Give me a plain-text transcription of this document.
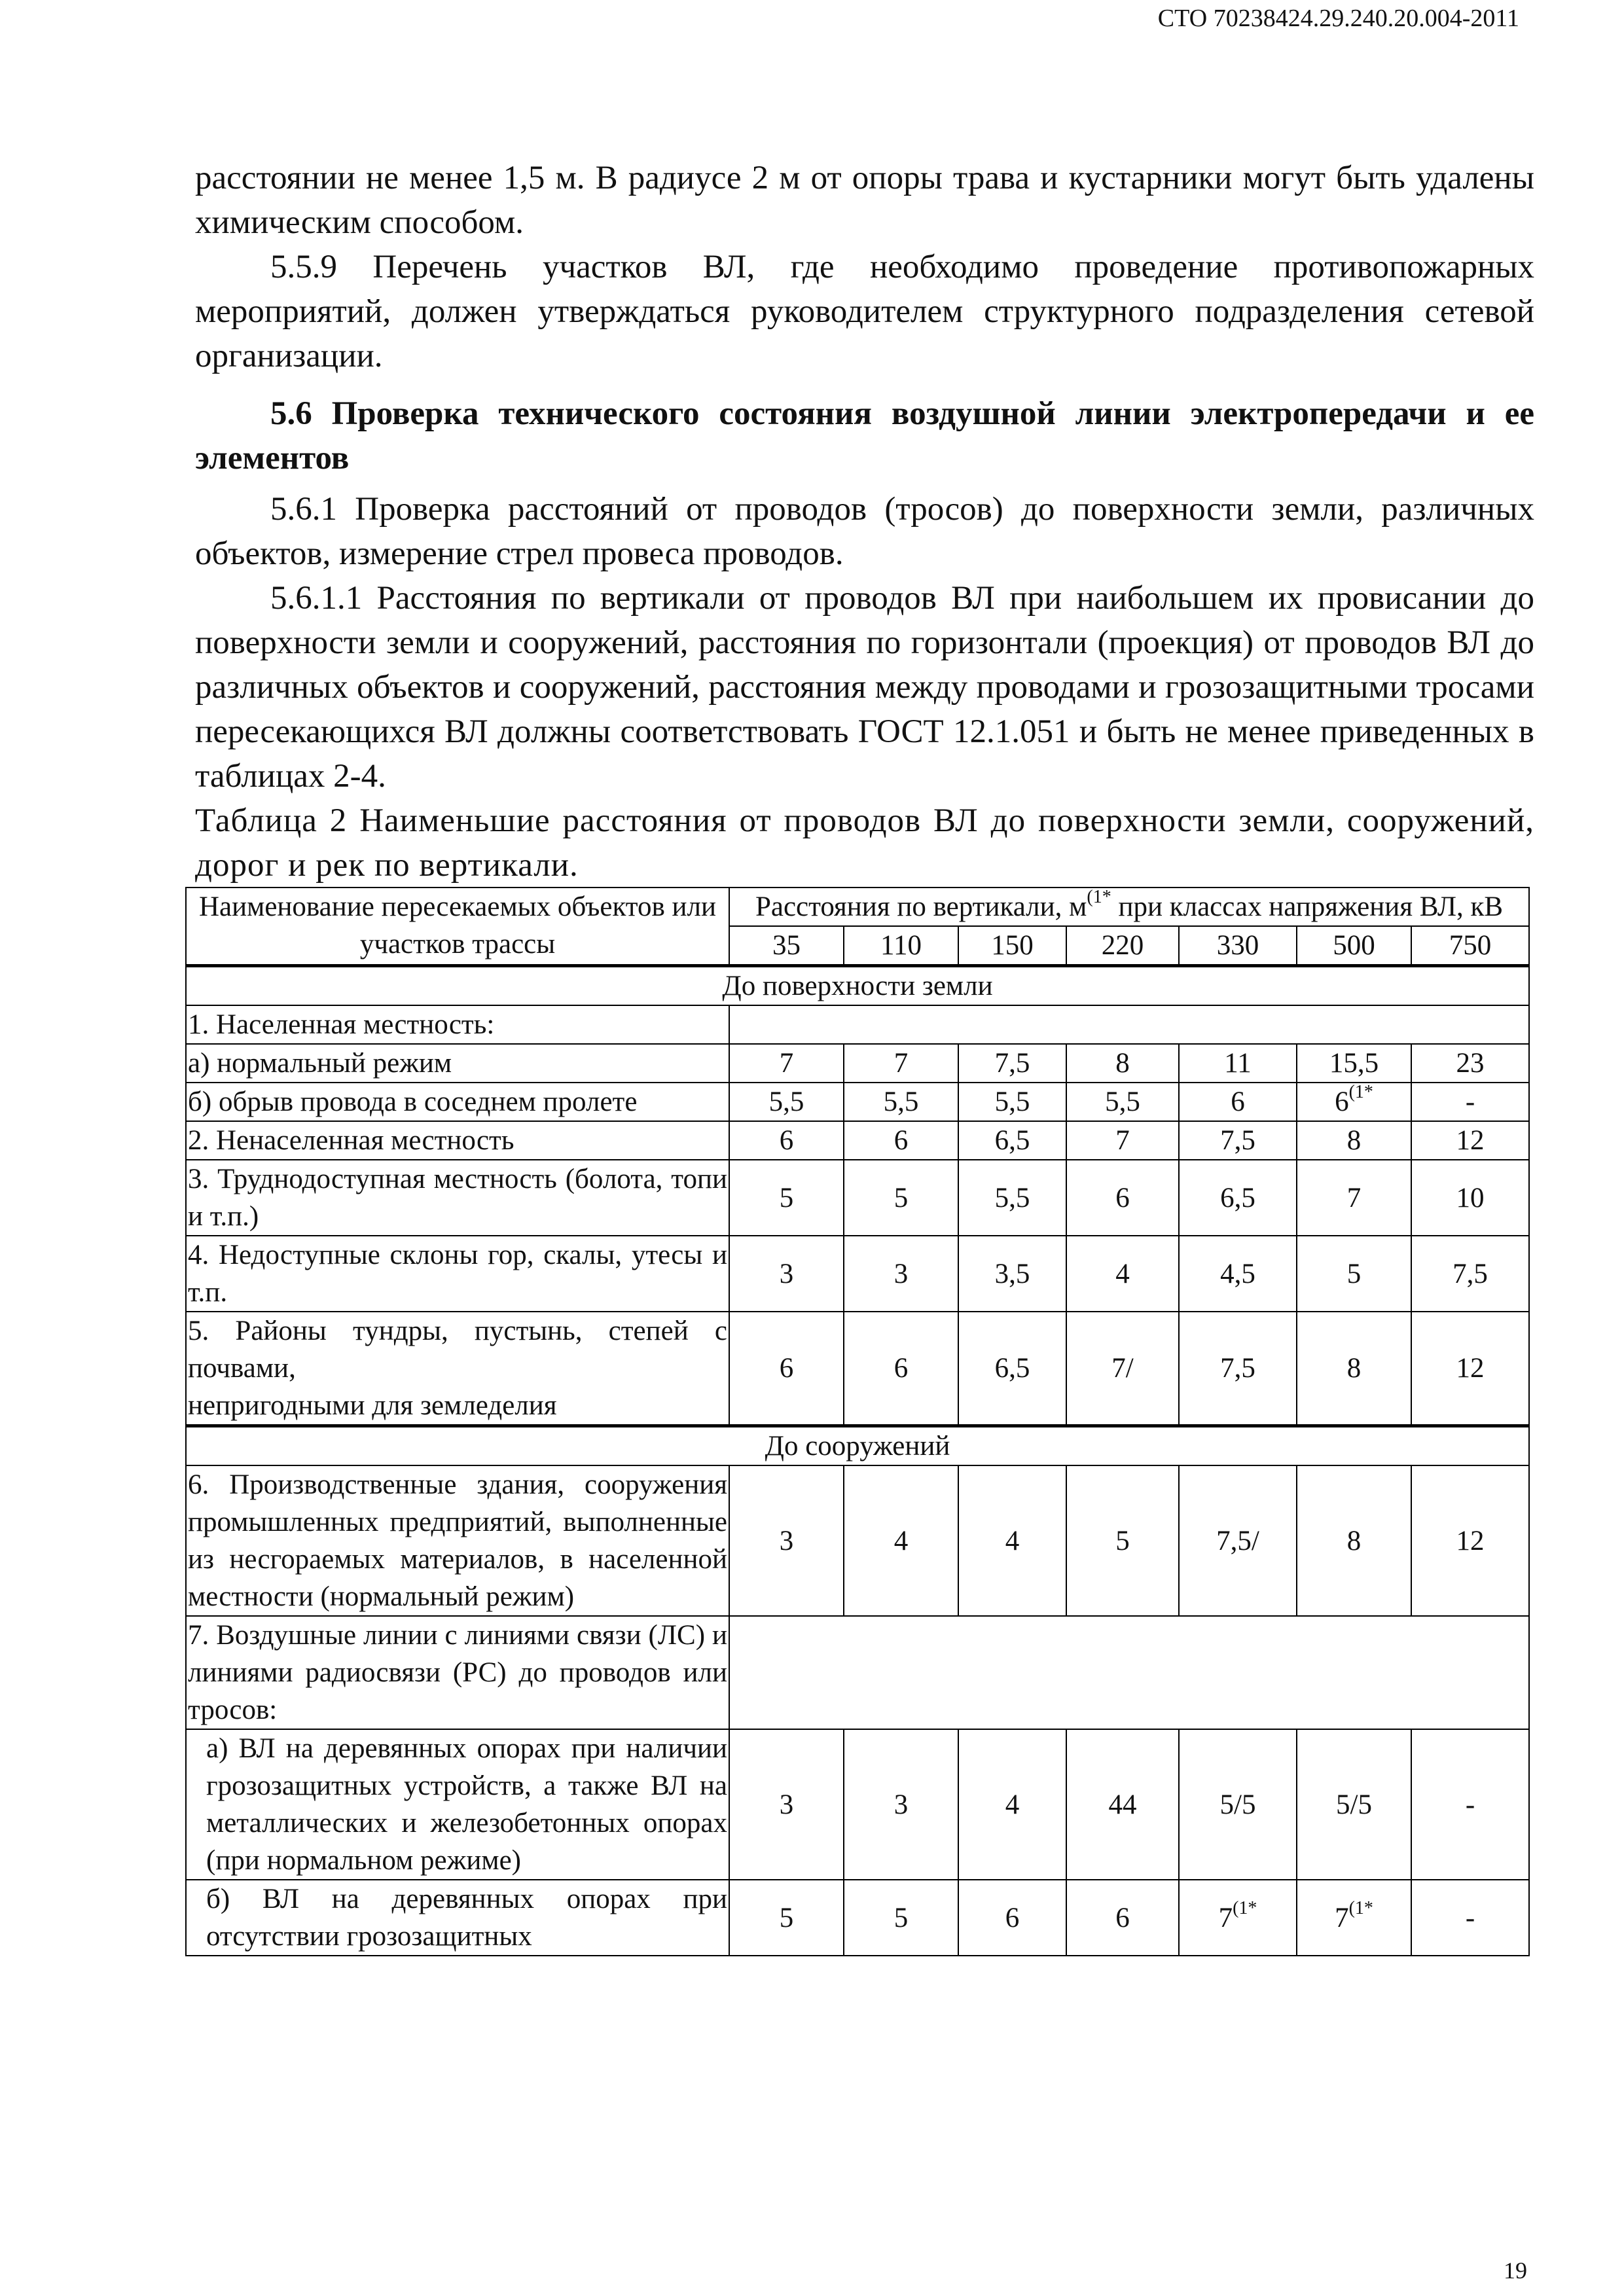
СТО 70238424.29.240.20.004-2011

расстоянии не менее 1,5 м. В радиусе 2 м от опоры трава и кустарники могут быть удалены химическим способом.

5.5.9 Перечень участков ВЛ, где необходимо проведение противопожарных мероприятий, должен утверждаться руководителем структурного подразделения сетевой организации.

5.6 Проверка технического состояния воздушной линии электропередачи и ее элементов

5.6.1 Проверка расстояний от проводов (тросов) до поверхности земли, различных объектов, измерение стрел провеса проводов.

5.6.1.1 Расстояния по вертикали от проводов ВЛ при наибольшем их провисании до поверхности земли и сооружений, расстояния по горизонтали (проекция) от проводов ВЛ до различных объектов и сооружений, расстояния между проводами и грозозащитными тросами пересекающихся ВЛ должны соответствовать ГОСТ 12.1.051 и быть не менее приведенных в таблицах 2-4.

Таблица 2 Наименьшие расстояния от проводов ВЛ до поверхности земли, сооружений, дорог и рек по вертикали.

Наименование пересекаемых объектов или участков трассы	Расстояния по вертикали, $м^{(1*}$ при классах напряжения ВЛ, кВ						
	35	110	150	220	330	500	750
До поверхности земли							
1. Населенная местность:							
а) нормальный режим	7	7	7,5	8	11	15,5	23
б) обрыв провода в соседнем пролете	5,5	5,5	5,5	5,5	6	$6^{(1*}$	-
2. Ненаселенная местность	6	6	6,5	7	7,5	8	12
3. Труднодоступная местность (болота, топи и т.п.)	5	5	5,5	6	6,5	7	10
4. Недоступные склоны гор, скалы, утесы и т.п.	3	3	3,5	4	4,5	5	7,5

5. Районы тундры, пустынь, степей с почвами,
непригодными для земледелия	6	6	6,5	7/	7,5	8	12
До сооружений							
6. Производственные здания, сооружения промышленных предприятий, выполненные из несгораемых материалов, в населенной местности (нормальный режим)	3	4	4	5	7,5/	8	12
7. Воздушные линии с линиями связи (ЛС) и линиями радиосвязи (РС) до проводов или тросов:							
а) ВЛ на деревянных опорах при наличии грозозащитных устройств, а также ВЛ на металлических и железобетонных опорах (при нормальном режиме)	3	3	4	44	5/5	5/5	-
б) ВЛ на деревянных опорах при отсутствии грозозащитных	5	5	6	6	$7^{(1*}$	$7^{(1*}$	-
19
